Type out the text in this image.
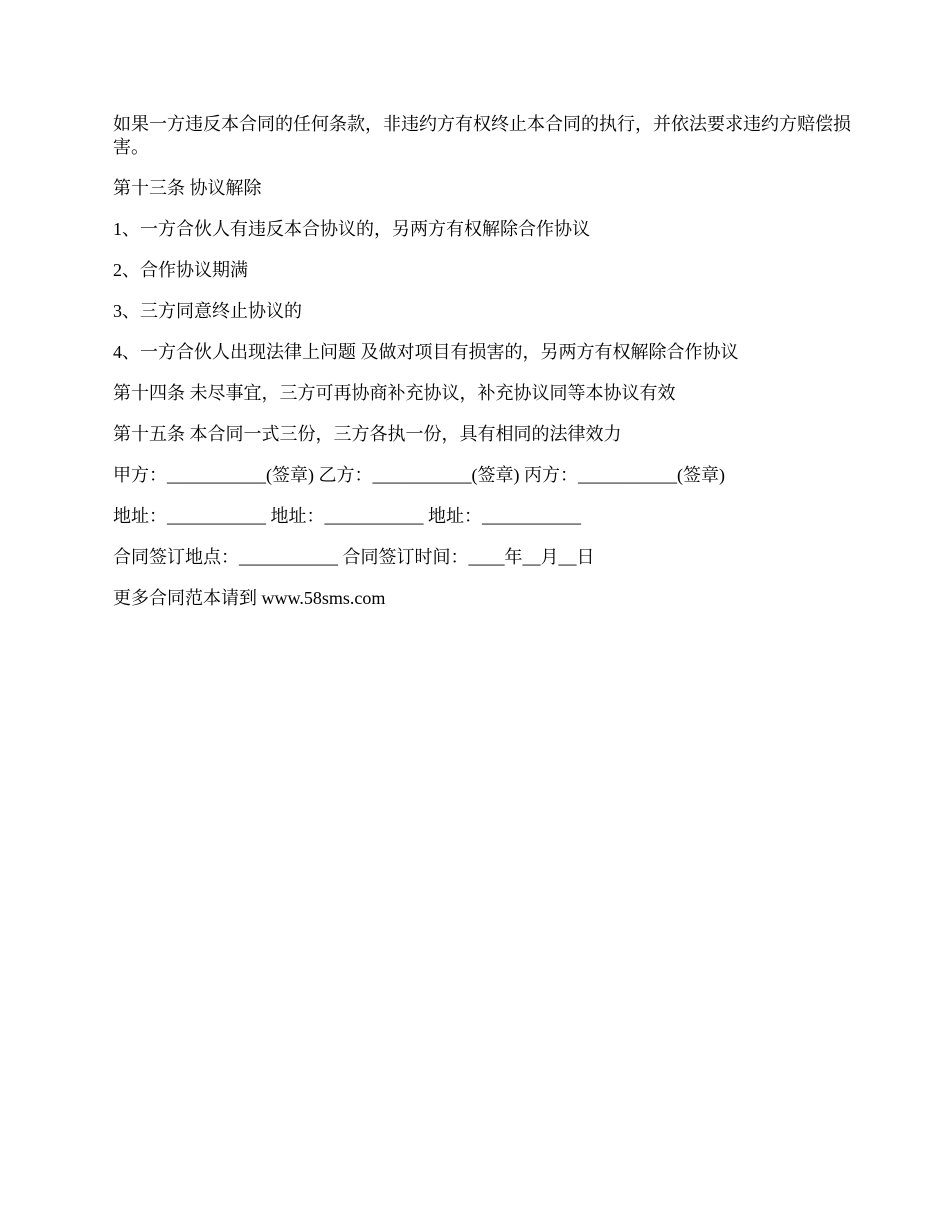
如果一方违反本合同的任何条款，非违约方有权终止本合同的执行，并依法要求违约方赔偿损害。

第十三条 协议解除

1、一方合伙人有违反本合协议的，另两方有权解除合作协议

2、合作协议期满

3、三方同意终止协议的

4、一方合伙人出现法律上问题 及做对项目有损害的，另两方有权解除合作协议

第十四条 未尽事宜，三方可再协商补充协议，补充协议同等本协议有效

第十五条 本合同一式三份，三方各执一份，具有相同的法律效力

甲方：___________(签章) 乙方：___________(签章) 丙方：___________(签章)

地址：___________ 地址：___________ 地址：___________

合同签订地点：___________ 合同签订时间：____年__月__日

更多合同范本请到 www.58sms.com
